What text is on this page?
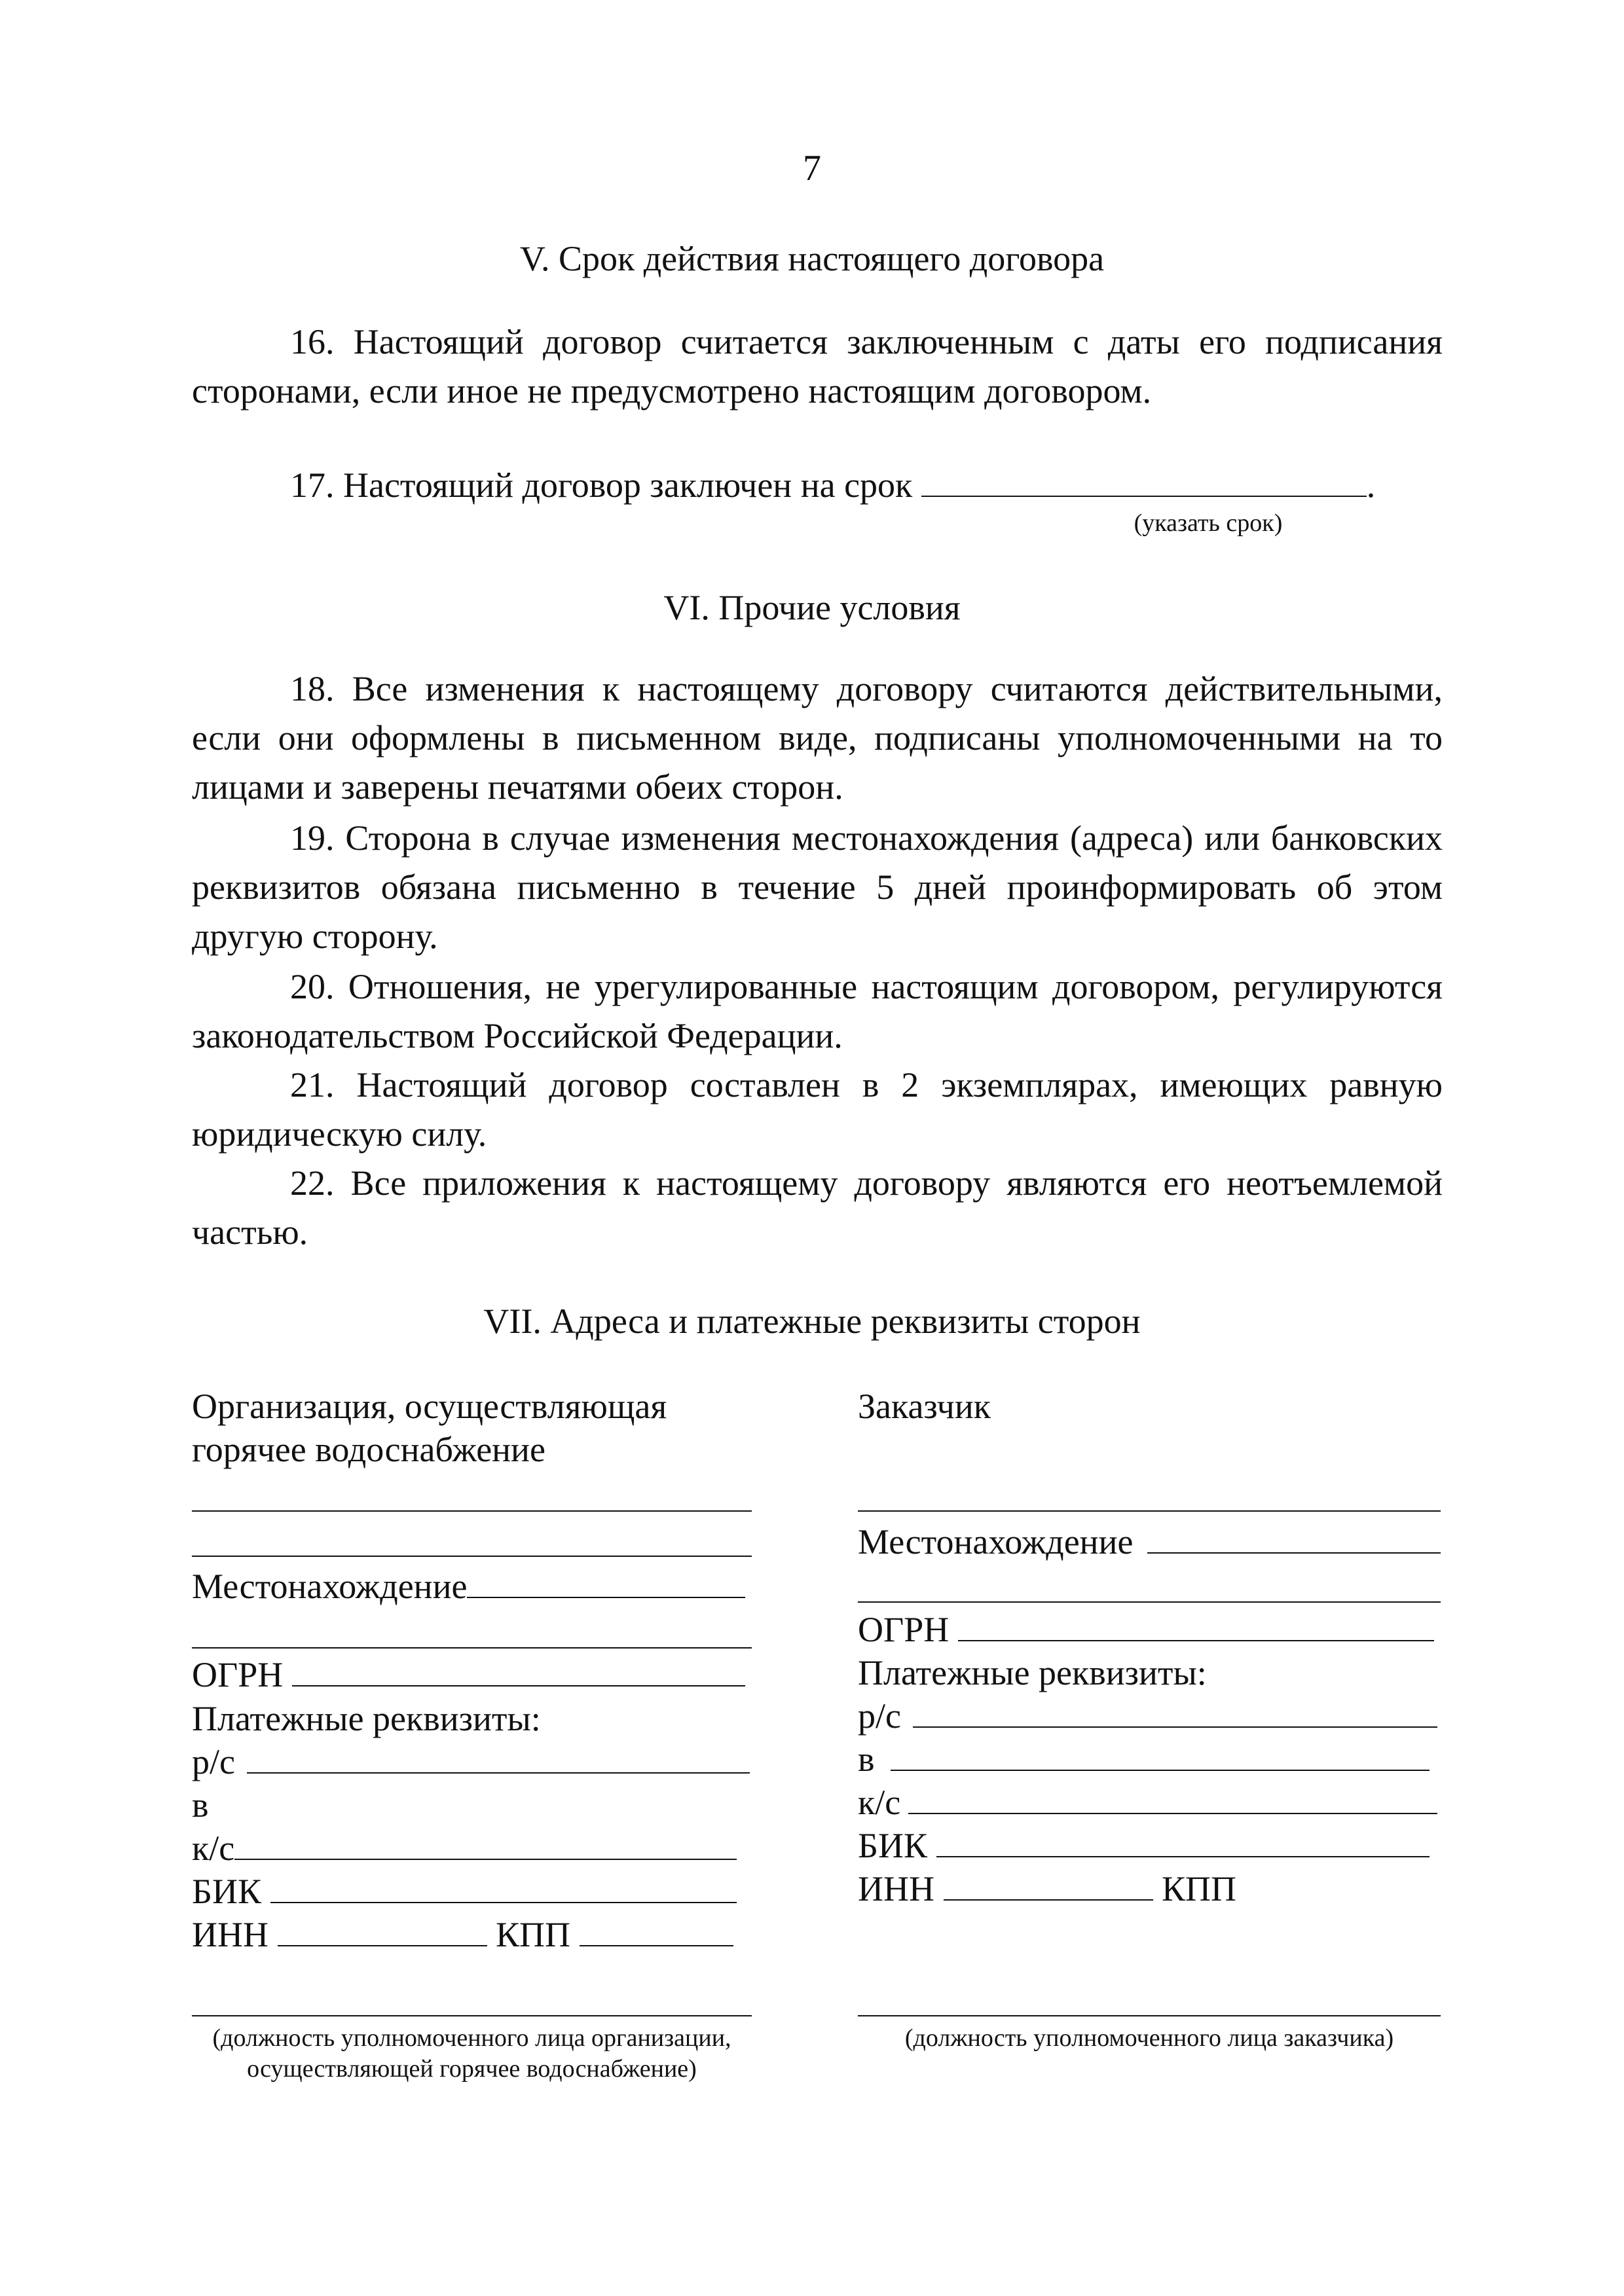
7
V. Срок действия настоящего договора
16. Настоящий договор считается заключенным с даты его подписания сторонами, если иное не предусмотрено настоящим договором.
17. Настоящий договор заключен на срок	.
(указать срок)
VI. Прочие условия
18. Все изменения к настоящему договору считаются действительными, если они оформлены в письменном виде, подписаны уполномоченными на то лицами и заверены печатями обеих сторон.
19. Сторона в случае изменения местонахождения (адреса) или банковских реквизитов обязана письменно в течение 5 дней проинформировать об этом другую сторону.
20. Отношения, не урегулированные настоящим договором, регулируются законодательством Российской Федерации.
21. Настоящий договор составлен в 2 экземплярах, имеющих равную юридическую силу.
22. Все приложения к настоящему договору являются его неотъемлемой частью.
VII. Адреса и платежные реквизиты сторон
Организация, осуществляющая горячее водоснабжение
Местонахождение
ОГРН
Платежные реквизиты:
р/с
в
к/с
БИК
ИНН	КПП
(должность уполномоченного лица организации, осуществляющей горячее водоснабжение)
Заказчик
Местонахождение
ОГРН
Платежные реквизиты:
р/с
в
к/с
БИК
ИНН	КПП
(должность уполномоченного лица заказчика)
